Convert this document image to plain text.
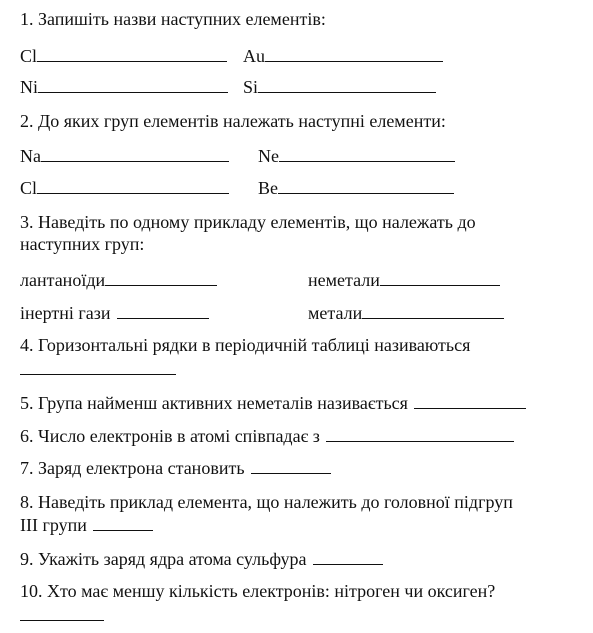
1. Запишіть назви наступних елементів:
Cl	Au
Ni	Si
2. До яких груп елементів належать наступні елементи:
Na	Ne
Cl	Be
3. Наведіть по одному прикладу елементів, що належать до
наступних груп:
лантаноїди	неметали
інертні гази	метали
4. Горизонтальні рядки в періодичній таблиці називаються
5. Група найменш активних неметалів називається
6. Число електронів в атомі співпадає з
7. Заряд електрона становить
8. Наведіть приклад елемента, що належить до головної підгруп
ІІІ групи
9. Укажіть заряд ядра атома сульфура
10. Хто має меншу кількість електронів: нітроген чи оксиген?
